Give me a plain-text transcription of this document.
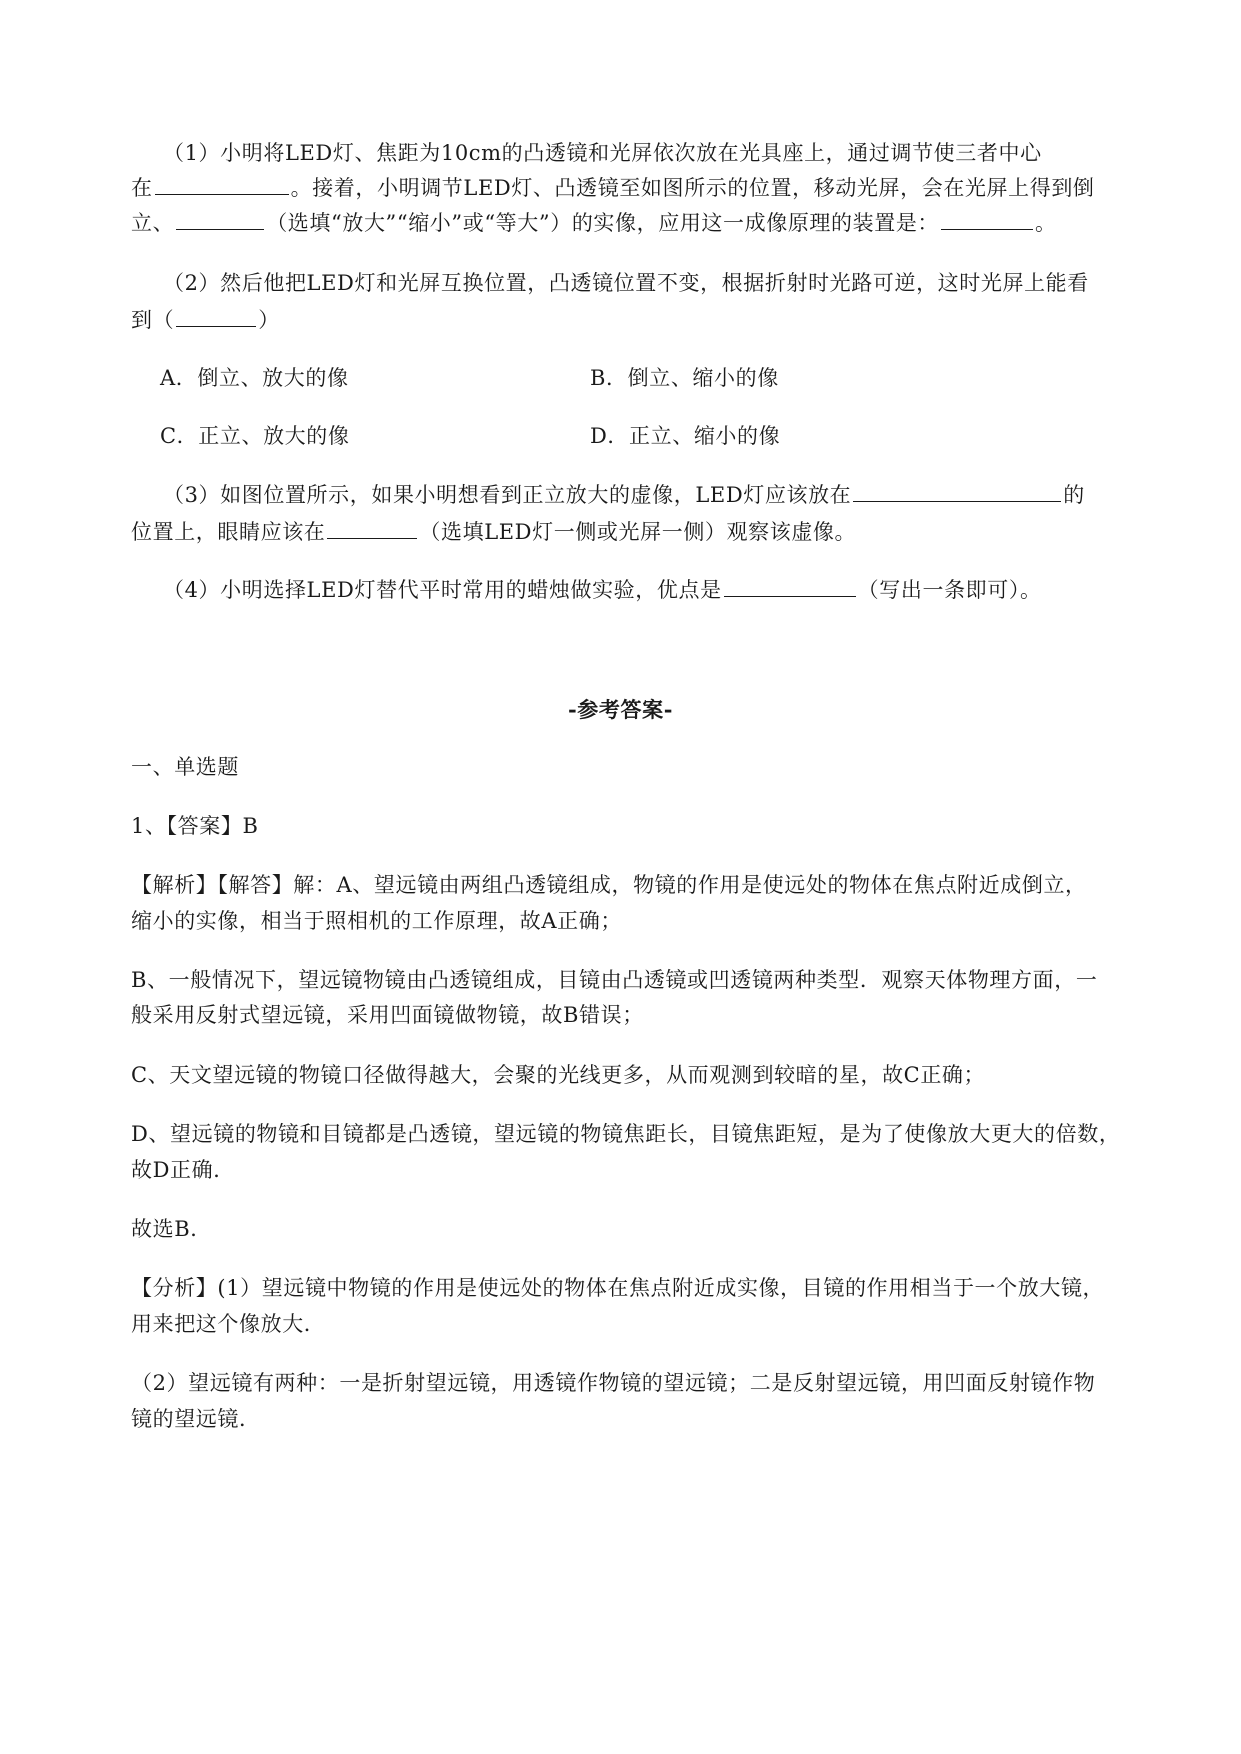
（1）小明将LED灯、焦距为10cm的凸透镜和光屏依次放在光具座上，通过调节使三者中心
在	。接着，小明调节LED灯、凸透镜至如图所示的位置，移动光屏，会在光屏上得到倒
立、	（选填“放大”“缩小”或“等大”）的实像，应用这一成像原理的装置是：	。
（2）然后他把LED灯和光屏互换位置，凸透镜位置不变，根据折射时光路可逆，这时光屏上能看
到（	）
A．倒立、放大的像	B．倒立、缩小的像
C．正立、放大的像	D．正立、缩小的像
（3）如图位置所示，如果小明想看到正立放大的虚像，LED灯应该放在	的
位置上，眼睛应该在	（选填LED灯一侧或光屏一侧）观察该虚像。
（4）小明选择LED灯替代平时常用的蜡烛做实验，优点是	（写出一条即可）。
-参考答案-
一、单选题
1、【答案】B
【解析】【解答】解：A、望远镜由两组凸透镜组成，物镜的作用是使远处的物体在焦点附近成倒立，
缩小的实像，相当于照相机的工作原理，故A正确；
B、一般情况下，望远镜物镜由凸透镜组成，目镜由凸透镜或凹透镜两种类型．观察天体物理方面，一
般采用反射式望远镜，采用凹面镜做物镜，故B错误；
C、天文望远镜的物镜口径做得越大，会聚的光线更多，从而观测到较暗的星，故C正确；
D、望远镜的物镜和目镜都是凸透镜，望远镜的物镜焦距长，目镜焦距短，是为了使像放大更大的倍数，
故D正确．
故选B．
【分析】(1）望远镜中物镜的作用是使远处的物体在焦点附近成实像，目镜的作用相当于一个放大镜，
用来把这个像放大．
（2）望远镜有两种：一是折射望远镜，用透镜作物镜的望远镜；二是反射望远镜，用凹面反射镜作物
镜的望远镜．
